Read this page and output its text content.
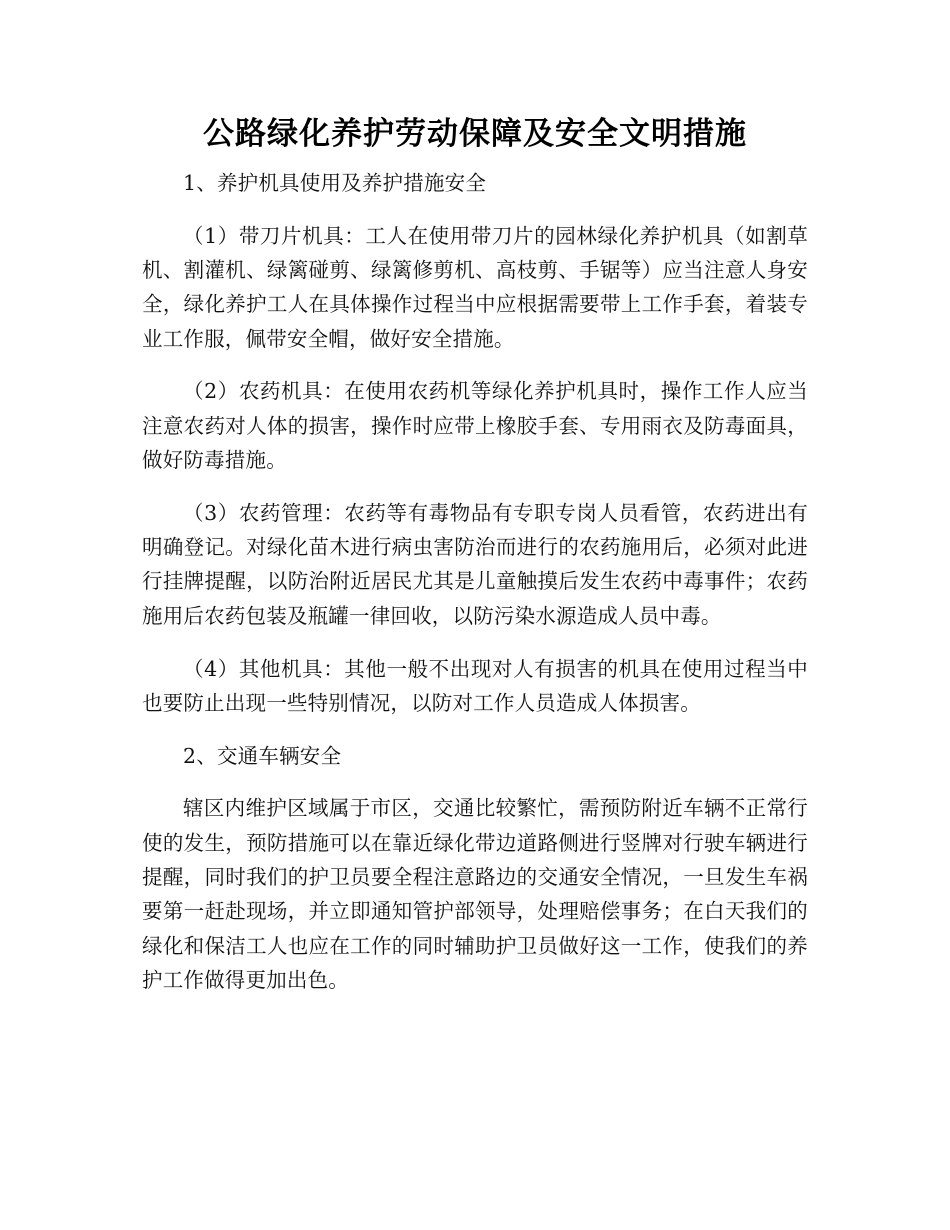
公路绿化养护劳动保障及安全文明措施

1、养护机具使用及养护措施安全

（1）带刀片机具：工人在使用带刀片的园林绿化养护机具（如割草机、割灌机、绿篱碰剪、绿篱修剪机、高枝剪、手锯等）应当注意人身安全，绿化养护工人在具体操作过程当中应根据需要带上工作手套，着装专业工作服，佩带安全帽，做好安全措施。

（2）农药机具：在使用农药机等绿化养护机具时，操作工作人应当注意农药对人体的损害，操作时应带上橡胶手套、专用雨衣及防毒面具，做好防毒措施。

（3）农药管理：农药等有毒物品有专职专岗人员看管，农药进出有明确登记。对绿化苗木进行病虫害防治而进行的农药施用后，必须对此进行挂牌提醒，以防治附近居民尤其是儿童触摸后发生农药中毒事件；农药施用后农药包装及瓶罐一律回收，以防污染水源造成人员中毒。

（4）其他机具：其他一般不出现对人有损害的机具在使用过程当中也要防止出现一些特别情况，以防对工作人员造成人体损害。

2、交通车辆安全

辖区内维护区域属于市区，交通比较繁忙，需预防附近车辆不正常行使的发生，预防措施可以在靠近绿化带边道路侧进行竖牌对行驶车辆进行提醒，同时我们的护卫员要全程注意路边的交通安全情况，一旦发生车祸要第一赶赴现场，并立即通知管护部领导，处理赔偿事务；在白天我们的绿化和保洁工人也应在工作的同时辅助护卫员做好这一工作，使我们的养护工作做得更加出色。
